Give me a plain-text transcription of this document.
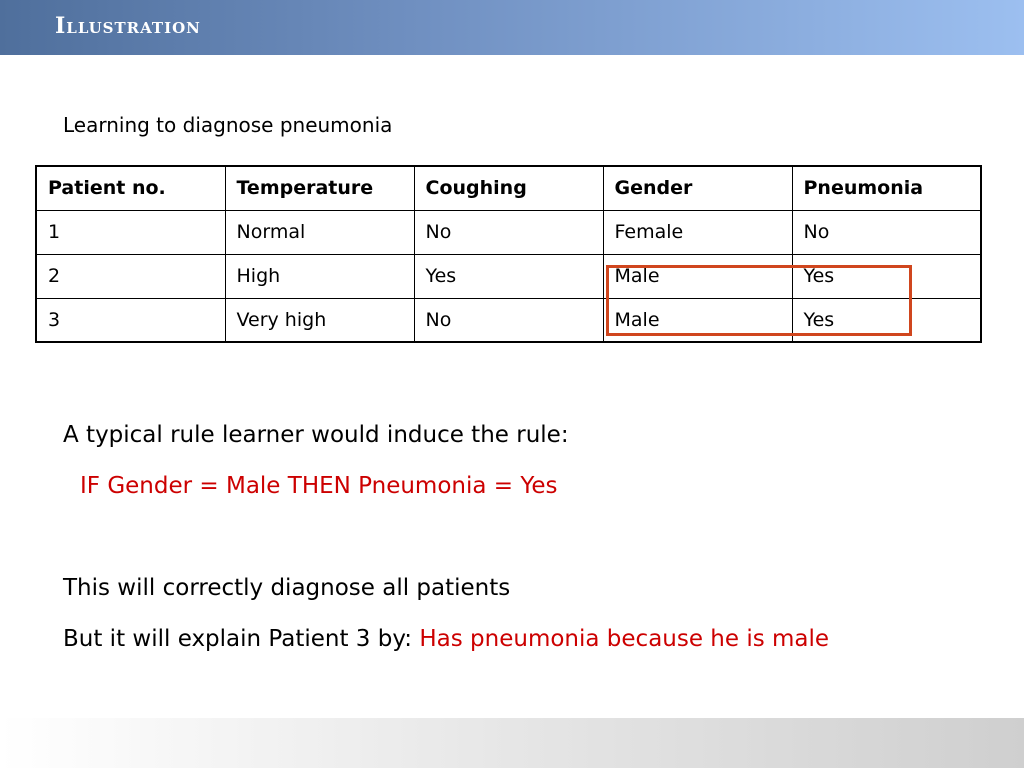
Illustration
Learning to diagnose pneumonia
Patient no.	Temperature	Coughing	Gender	Pneumonia
1	Normal	No	Female	No
2	High	Yes	Male	Yes
3	Very high	No	Male	Yes
A typical rule learner would induce the rule:
IF Gender = Male THEN Pneumonia = Yes
This will correctly diagnose all patients
But it will explain Patient 3 by: Has pneumonia because he is male
